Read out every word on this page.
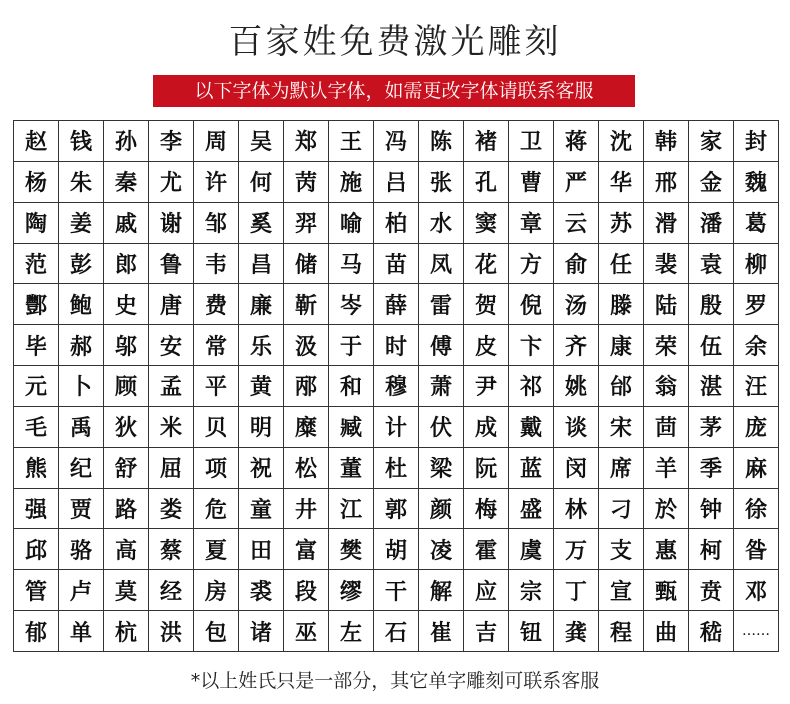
百家姓免费激光雕刻
以下字体为默认字体，如需更改字体请联系客服
赵	钱	孙	李	周	吴	郑	王	冯	陈	褚	卫	蒋	沈	韩	家	封
杨	朱	秦	尤	许	何	苪	施	吕	张	孔	曹	严	华	邢	金	魏
陶	姜	戚	谢	邹	奚	羿	喻	柏	水	窦	章	云	苏	滑	潘	葛
范	彭	郎	鲁	韦	昌	储	马	苗	凤	花	方	俞	任	裴	袁	柳
酆	鲍	史	唐	费	廉	靳	岑	薛	雷	贺	倪	汤	滕	陆	殷	罗
毕	郝	邬	安	常	乐	汲	于	时	傅	皮	卞	齐	康	荣	伍	余
元	卜	顾	孟	平	黄	邴	和	穆	萧	尹	祁	姚	邰	翁	湛	汪
毛	禹	狄	米	贝	明	糜	臧	计	伏	成	戴	谈	宋	茴	茅	庞
熊	纪	舒	屈	项	祝	松	董	杜	梁	阮	蓝	闵	席	羊	季	麻
强	贾	路	娄	危	童	井	江	郭	颜	梅	盛	林	刁	於	钟	徐
邱	骆	高	蔡	夏	田	富	樊	胡	凌	霍	虞	万	支	惠	柯	昝
管	卢	莫	经	房	裘	段	缪	干	解	应	宗	丁	宣	甄	贲	邓
郁	单	杭	洪	包	诸	巫	左	石	崔	吉	钮	龚	程	曲	嵇	……
*以上姓氏只是一部分，其它单字雕刻可联系客服
